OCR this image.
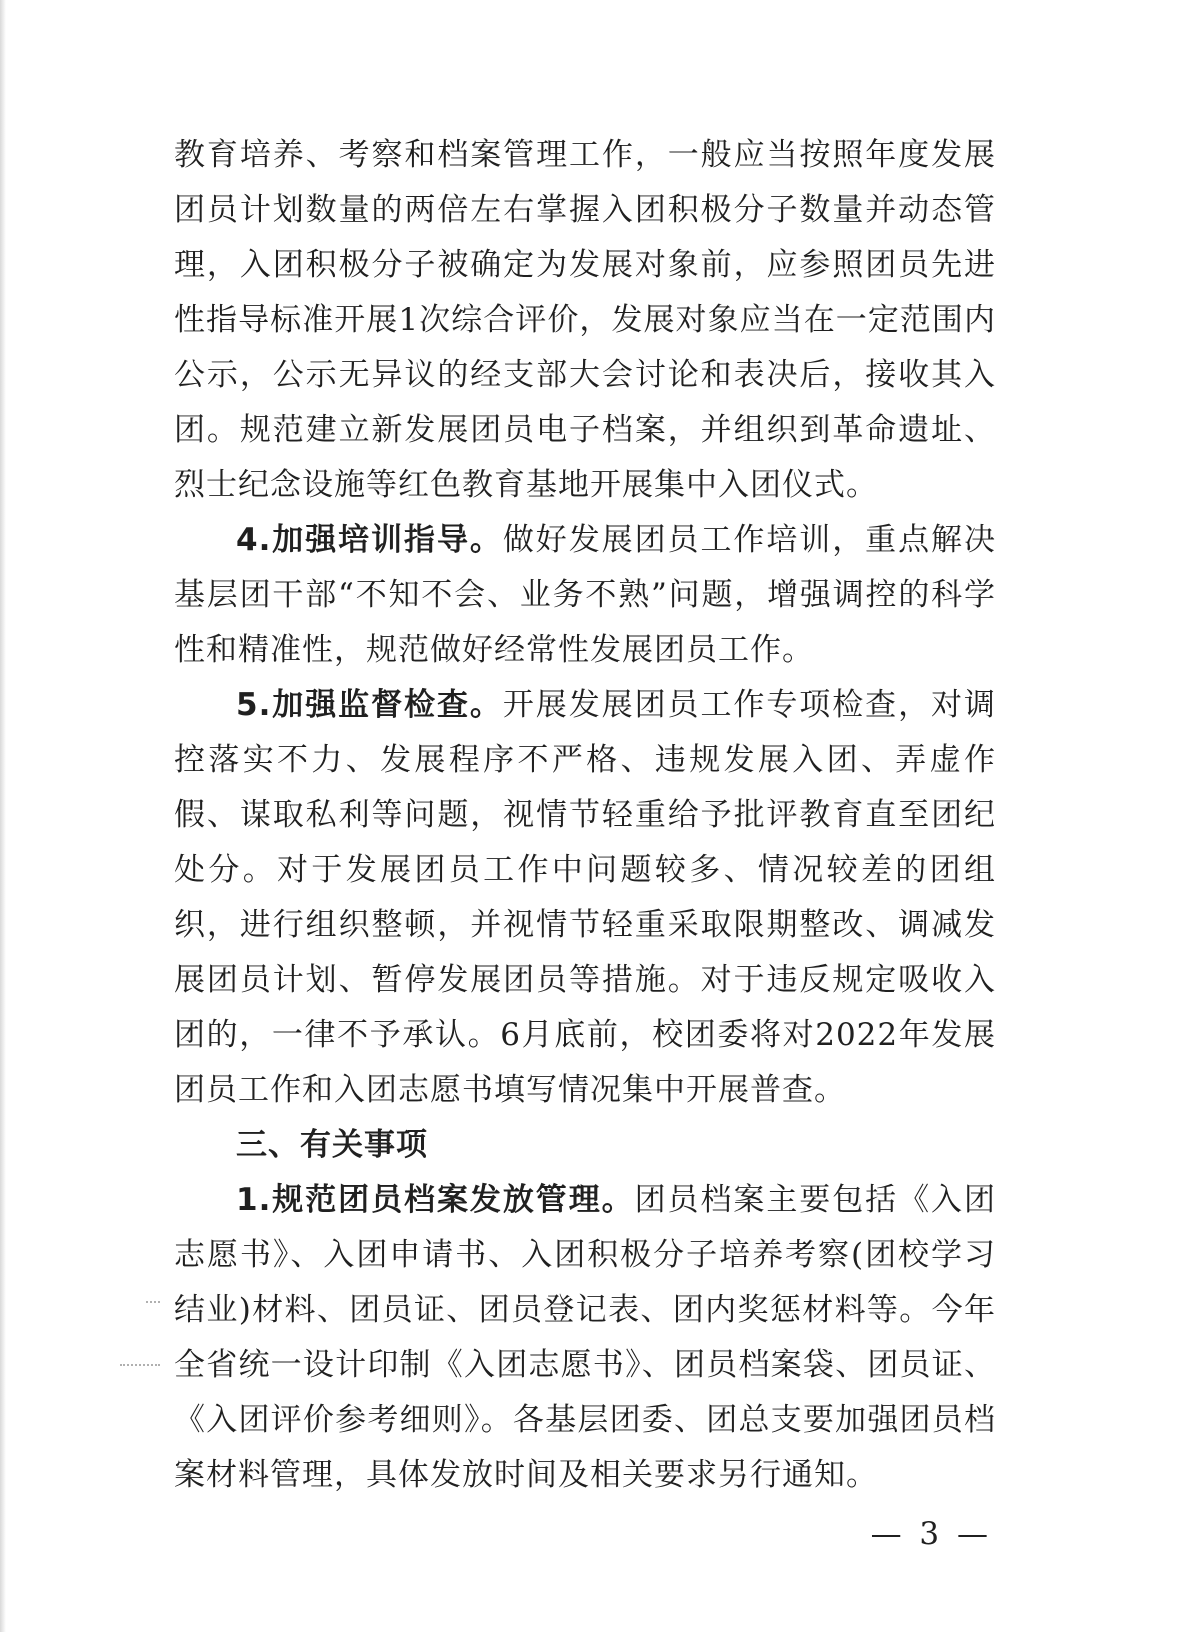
教育培养、考察和档案管理工作，一般应当按照年度发展团员计划数量的两倍左右掌握入团积极分子数量并动态管理，入团积极分子被确定为发展对象前，应参照团员先进性指导标准开展1次综合评价，发展对象应当在一定范围内公示，公示无异议的经支部大会讨论和表决后，接收其入团。规范建立新发展团员电子档案，并组织到革命遗址、烈士纪念设施等红色教育基地开展集中入团仪式。

4.加强培训指导。做好发展团员工作培训，重点解决基层团干部“不知不会、业务不熟”问题，增强调控的科学性和精准性，规范做好经常性发展团员工作。

5.加强监督检查。开展发展团员工作专项检查，对调控落实不力、发展程序不严格、违规发展入团、弄虚作假、谋取私利等问题，视情节轻重给予批评教育直至团纪处分。对于发展团员工作中问题较多、情况较差的团组织，进行组织整顿，并视情节轻重采取限期整改、调减发展团员计划、暂停发展团员等措施。对于违反规定吸收入团的，一律不予承认。6月底前，校团委将对2022年发展团员工作和入团志愿书填写情况集中开展普查。

三、有关事项

1.规范团员档案发放管理。团员档案主要包括《入团志愿书》、入团申请书、入团积极分子培养考察(团校学习结业)材料、团员证、团员登记表、团内奖惩材料等。今年全省统一设计印制《入团志愿书》、团员档案袋、团员证、《入团评价参考细则》。各基层团委、团总支要加强团员档案材料管理，具体发放时间及相关要求另行通知。

— 3 —
